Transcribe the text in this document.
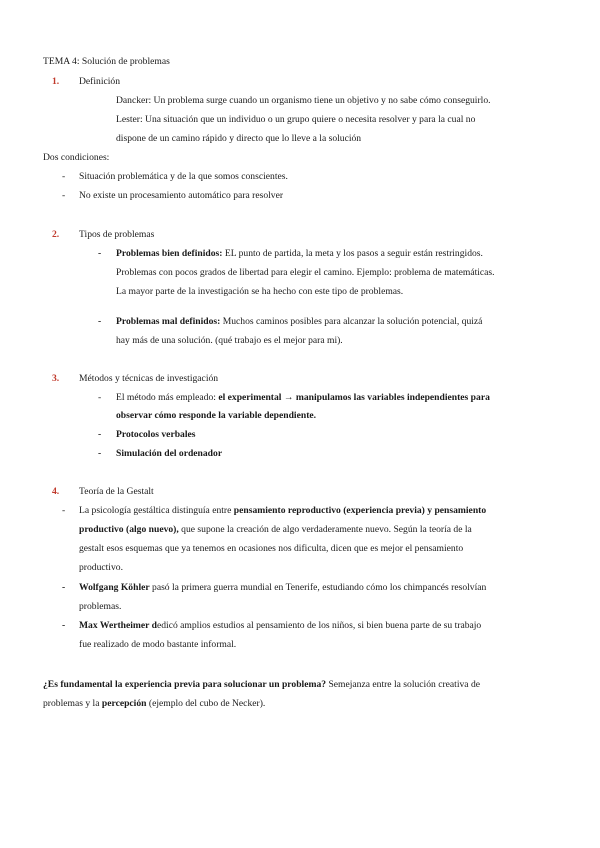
TEMA 4: Solución de problemas
1. Definición
Dancker: Un problema surge cuando un organismo tiene un objetivo y no sabe cómo conseguirlo.
Lester: Una situación que un individuo o un grupo quiere o necesita resolver y para la cual no
dispone de un camino rápido y directo que lo lleve a la solución
Dos condiciones:
- Situación problemática y de la que somos conscientes.
- No existe un procesamiento automático para resolver
2. Tipos de problemas
- Problemas bien definidos: EL punto de partida, la meta y los pasos a seguir están restringidos.
Problemas con pocos grados de libertad para elegir el camino. Ejemplo: problema de matemáticas.
La mayor parte de la investigación se ha hecho con este tipo de problemas.
- Problemas mal definidos: Muchos caminos posibles para alcanzar la solución potencial, quizá
hay más de una solución. (qué trabajo es el mejor para mi).
3. Métodos y técnicas de investigación
- El método más empleado: el experimental → manipulamos las variables independientes para
observar cómo responde la variable dependiente.
- Protocolos verbales
- Simulación del ordenador
4. Teoría de la Gestalt
- La psicología gestáltica distinguía entre pensamiento reproductivo (experiencia previa) y pensamiento
productivo (algo nuevo), que supone la creación de algo verdaderamente nuevo. Según la teoría de la
gestalt esos esquemas que ya tenemos en ocasiones nos dificulta, dicen que es mejor el pensamiento
productivo.
- Wolfgang Köhler pasó la primera guerra mundial en Tenerife, estudiando cómo los chimpancés resolvían
problemas.
- Max Wertheimer dedicó amplios estudios al pensamiento de los niños, si bien buena parte de su trabajo
fue realizado de modo bastante informal.
¿Es fundamental la experiencia previa para solucionar un problema? Semejanza entre la solución creativa de
problemas y la percepción (ejemplo del cubo de Necker).
